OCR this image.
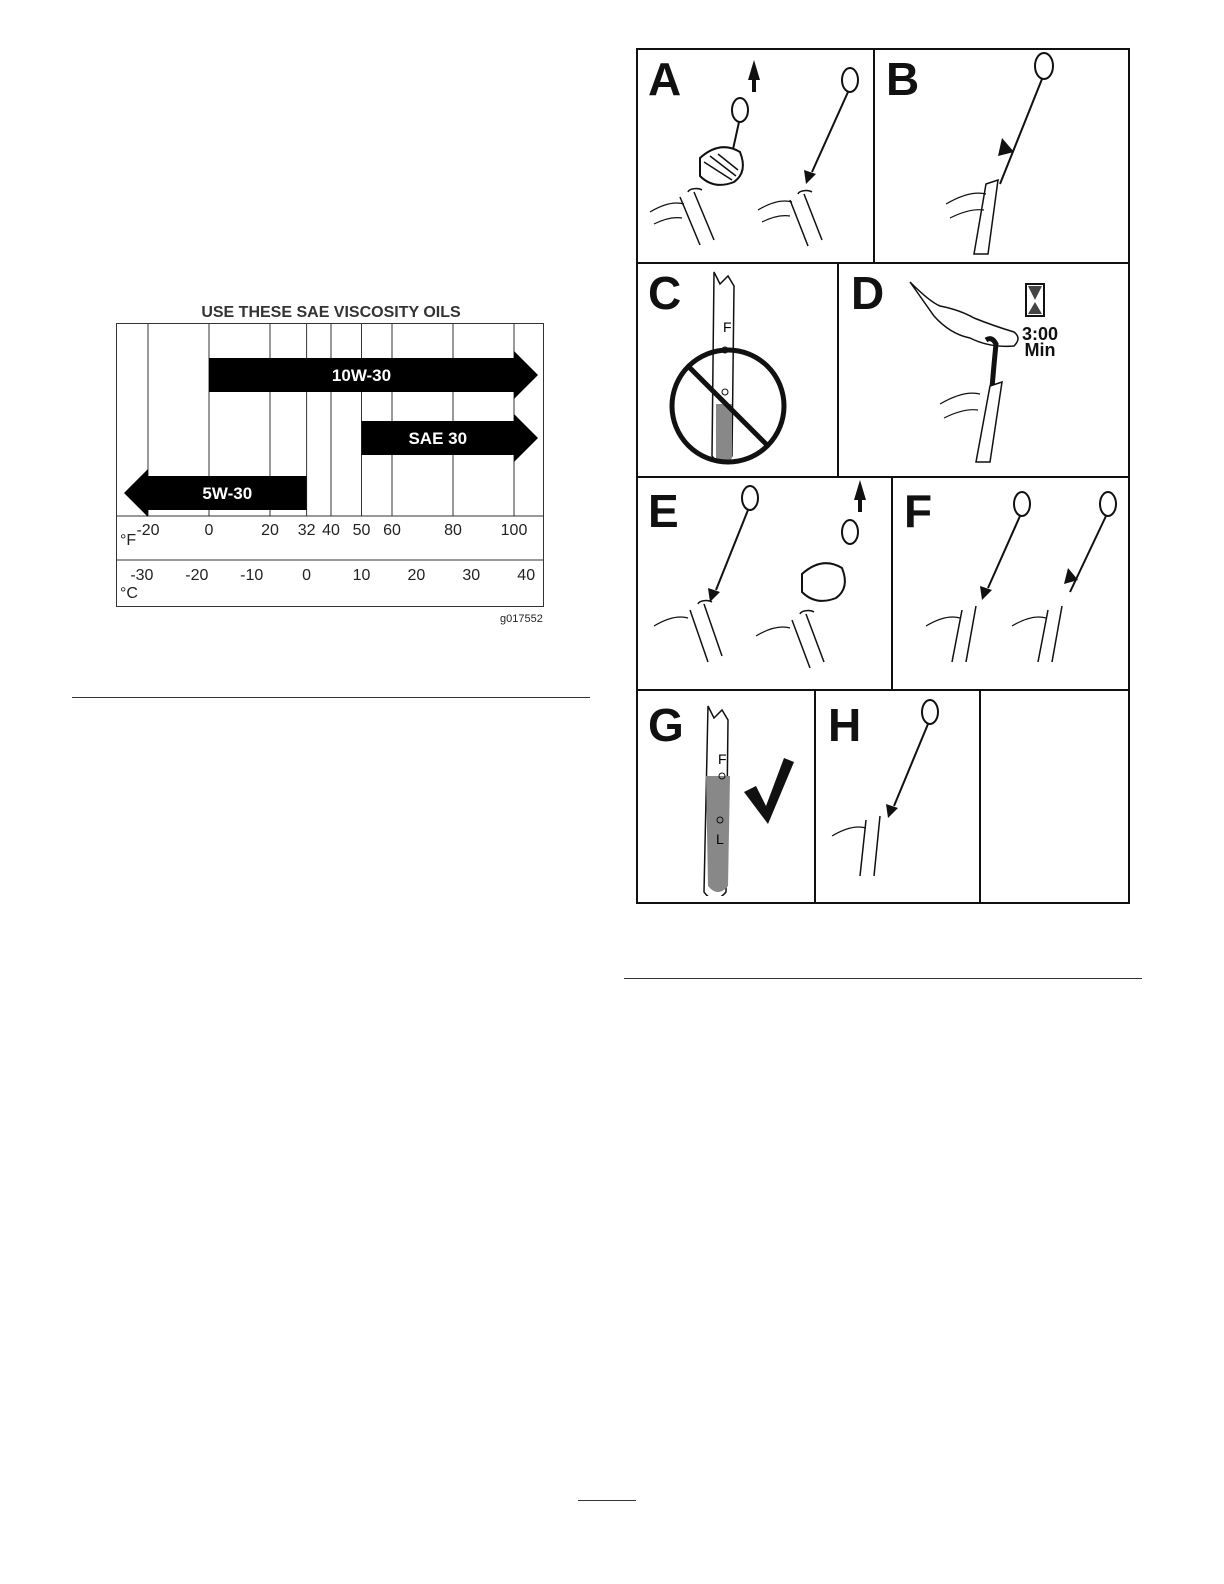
USE THESE SAE VISCOSITY OILS
10W-30
SAE 30
5W-30
-20	0	20 32 40 50 60	80 100
-30 -20 -10 0	10 20 30 40
°F
°C
g017552
A	B
C	D
E	F
G	H
F	3:00
Min
F
L
